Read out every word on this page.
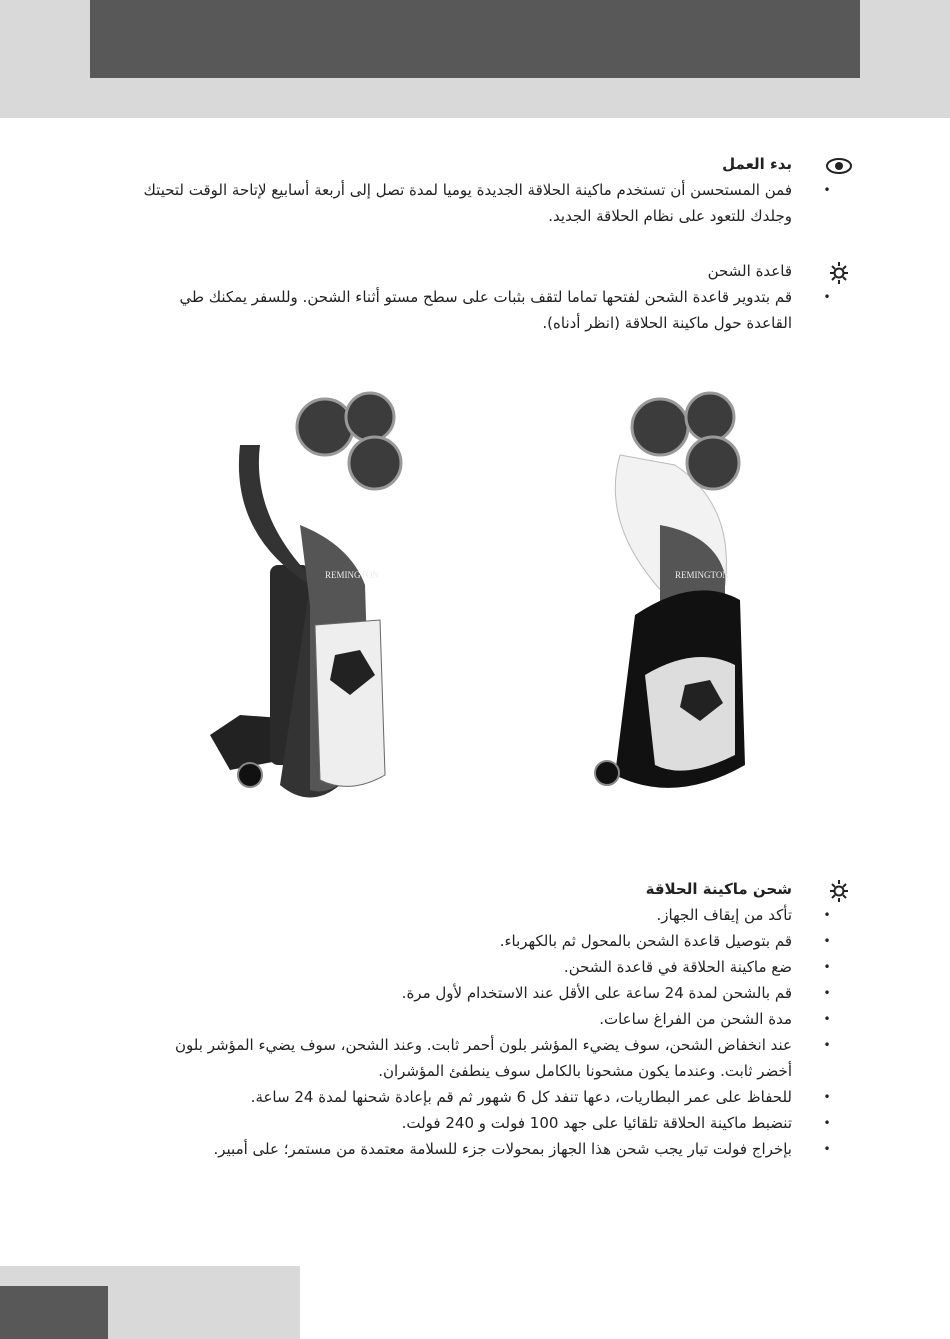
بدء العمل
•
فمن المستحسن أن تستخدم ماكينة الحلاقة الجديدة يوميا لمدة تصل إلى أربعة أسابيع لإتاحة الوقت لتحيتك وجلدك للتعود على نظام الحلاقة الجديد.
قاعدة الشحن
•
قم بتدوير قاعدة الشحن لفتحها تماما لتقف بثبات على سطح مستو أثناء الشحن. وللسفر يمكنك طي القاعدة حول ماكينة الحلاقة (انظر أدناه).
REMINGTON	REMINGTON
شحن ماكينة الحلاقة
•
تأكد من إيقاف الجهاز.
•
قم بتوصيل قاعدة الشحن بالمحول ثم بالكهرباء.
•
ضع ماكينة الحلاقة في قاعدة الشحن.
•
قم بالشحن لمدة 24 ساعة على الأقل عند الاستخدام لأول مرة.
•
مدة الشحن من الفراغ ساعات.
•
عند انخفاض الشحن، سوف يضيء المؤشر بلون أحمر ثابت. وعند الشحن، سوف يضيء المؤشر بلون أخضر ثابت. وعندما يكون مشحونا بالكامل سوف ينطفئ المؤشران.
•
للحفاظ على عمر البطاريات، دعها تنفد كل 6 شهور ثم قم بإعادة شحنها لمدة 24 ساعة.
•
تنضبط ماكينة الحلاقة تلقائيا على جهد 100 فولت و 240 فولت.
•
بإخراج فولت تيار يجب شحن هذا الجهاز بمحولات جزء للسلامة معتمدة من مستمر؛ على أمبير.
